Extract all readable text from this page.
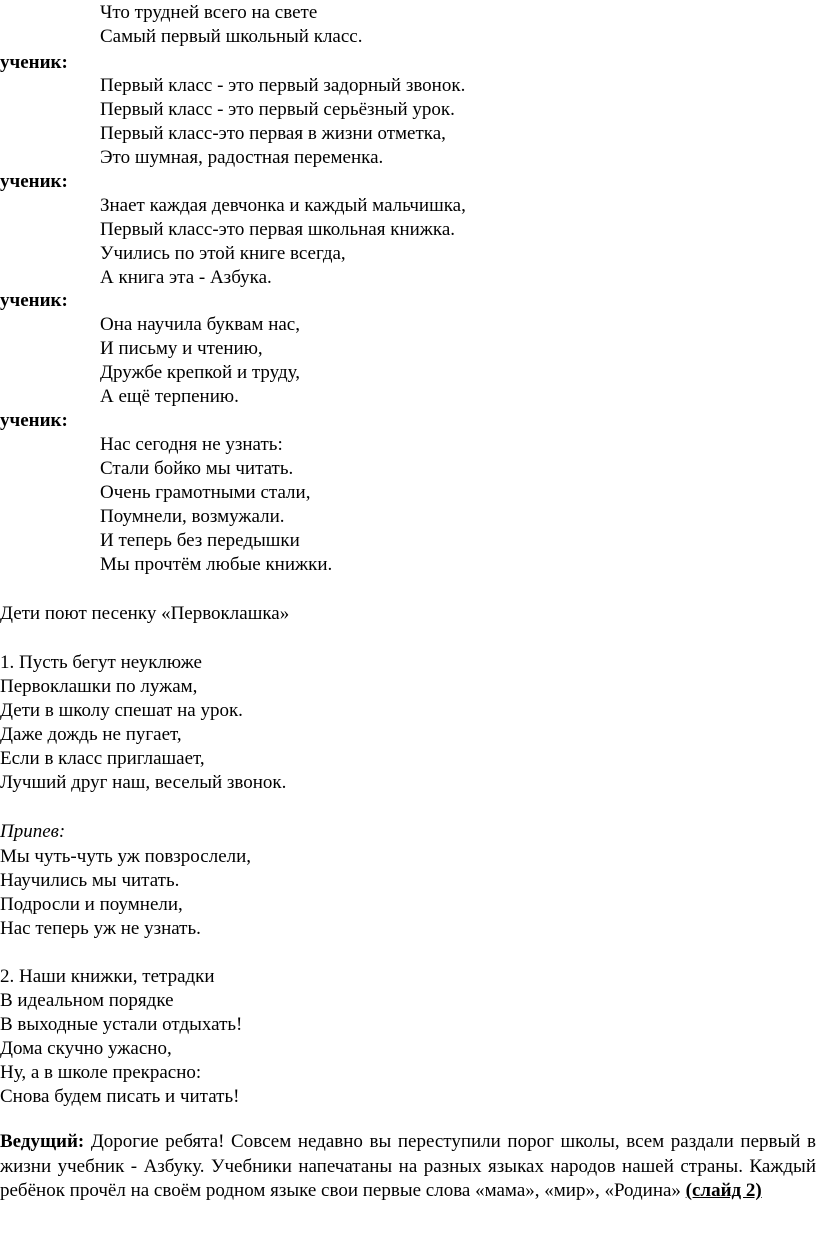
Что трудней всего на свете
Самый первый школьный класс.
ученик:
Первый класс - это первый задорный звонок.
Первый класс - это первый серьёзный урок.
Первый класс-это первая в жизни отметка,
Это шумная, радостная переменка.
ученик:
Знает каждая девчонка и каждый мальчишка,
Первый класс-это первая школьная книжка.
Учились по этой книге всегда,
А книга эта - Азбука.
ученик:
Она научила буквам нас,
И письму и чтению,
Дружбе крепкой и труду,
А ещё терпению.
ученик:
Нас сегодня не узнать:
Стали бойко мы читать.
Очень грамотными стали,
Поумнели, возмужали.
И теперь без передышки
Мы прочтём любые книжки.
Дети поют песенку «Первоклашка»
1. Пусть бегут неуклюже
Первоклашки по лужам,
Дети в школу спешат на урок.
Даже дождь не пугает,
Если в класс приглашает,
Лучший друг наш, веселый звонок.
Припев:
Мы чуть-чуть уж повзрослели,
Научились мы читать.
Подросли и поумнели,
Нас теперь уж не узнать.
2. Наши книжки, тетрадки
В идеальном порядке
В выходные устали отдыхать!
Дома скучно ужасно,
Ну, а в школе прекрасно:
Снова будем писать и читать!
Ведущий: Дорогие ребята! Совсем недавно вы переступили порог школы, всем раздали первый в жизни учебник - Азбуку. Учебники напечатаны на разных языках народов нашей страны. Каждый ребёнок прочёл на своём родном языке свои первые слова «мама», «мир», «Родина» (слайд 2)
